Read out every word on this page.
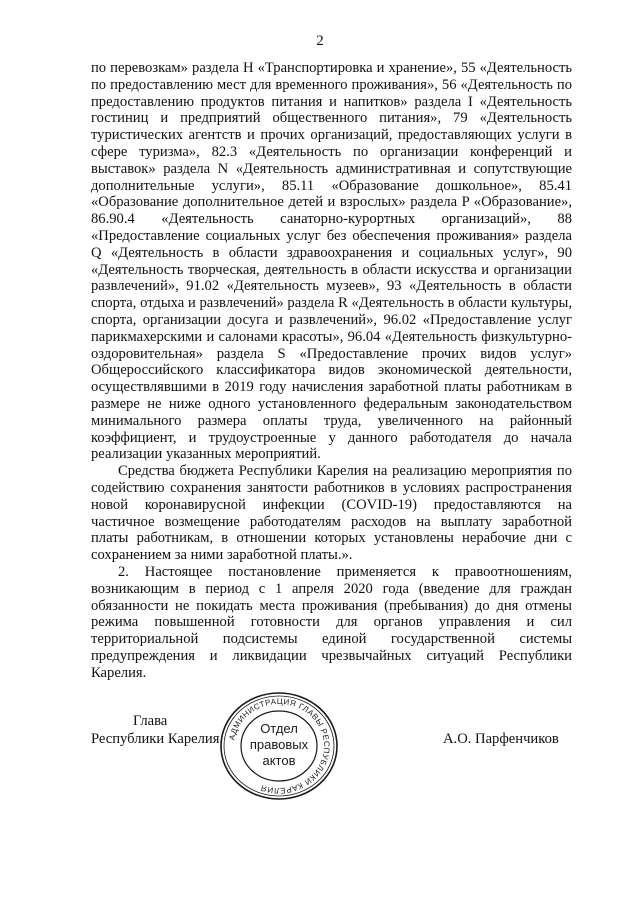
2

по перевозкам» раздела H «Транспортировка и хранение», 55 «Деятельность по предоставлению мест для временного проживания», 56 «Деятельность по предоставлению продуктов питания и напитков» раздела I «Деятельность гостиниц и предприятий общественного питания», 79 «Деятельность туристических агентств и прочих организаций, предоставляющих услуги в сфере туризма», 82.3 «Деятельность по организации конференций и выставок» раздела N «Деятельность административная и сопутствующие дополнительные услуги», 85.11 «Образование дошкольное», 85.41 «Образование дополнительное детей и взрослых» раздела P «Образование», 86.90.4 «Деятельность санаторно-курортных организаций», 88 «Предоставление социальных услуг без обеспечения проживания» раздела Q «Деятельность в области здравоохранения и социальных услуг», 90 «Деятельность творческая, деятельность в области искусства и организации развлечений», 91.02 «Деятельность музеев», 93 «Деятельность в области спорта, отдыха и развлечений» раздела R «Деятельность в области культуры, спорта, организации досуга и развлечений», 96.02 «Предоставление услуг парикмахерскими и салонами красоты», 96.04 «Деятельность физкультурно-оздоровительная» раздела S «Предоставление прочих видов услуг» Общероссийского классификатора видов экономической деятельности, осуществлявшими в 2019 году начисления заработной платы работникам в размере не ниже одного установленного федеральным законодательством минимального размера оплаты труда, увеличенного на районный коэффициент, и трудоустроенные у данного работодателя до начала реализации указанных мероприятий.

Средства бюджета Республики Карелия на реализацию мероприятия по содействию сохранения занятости работников в условиях распространения новой коронавирусной инфекции (COVID-19) предоставляются на частичное возмещение работодателям расходов на выплату заработной платы работникам, в отношении которых установлены нерабочие дни с сохранением за ними заработной платы.».

2. Настоящее постановление применяется к правоотношениям, возникающим в период с 1 апреля 2020 года (введение для граждан обязанности не покидать места проживания (пребывания) до дня отмены режима повышенной готовности для органов управления и сил территориальной подсистемы единой государственной системы предупреждения и ликвидации чрезвычайных ситуаций Республики Карелия.

Глава
Республики Карелия АДМИНИСТРАЦИЯ ГЛАВЫ РЕСПУБЛИКИ КАРЕЛИЯ
Отдел
правовых
актов
А.О. Парфенчиков
